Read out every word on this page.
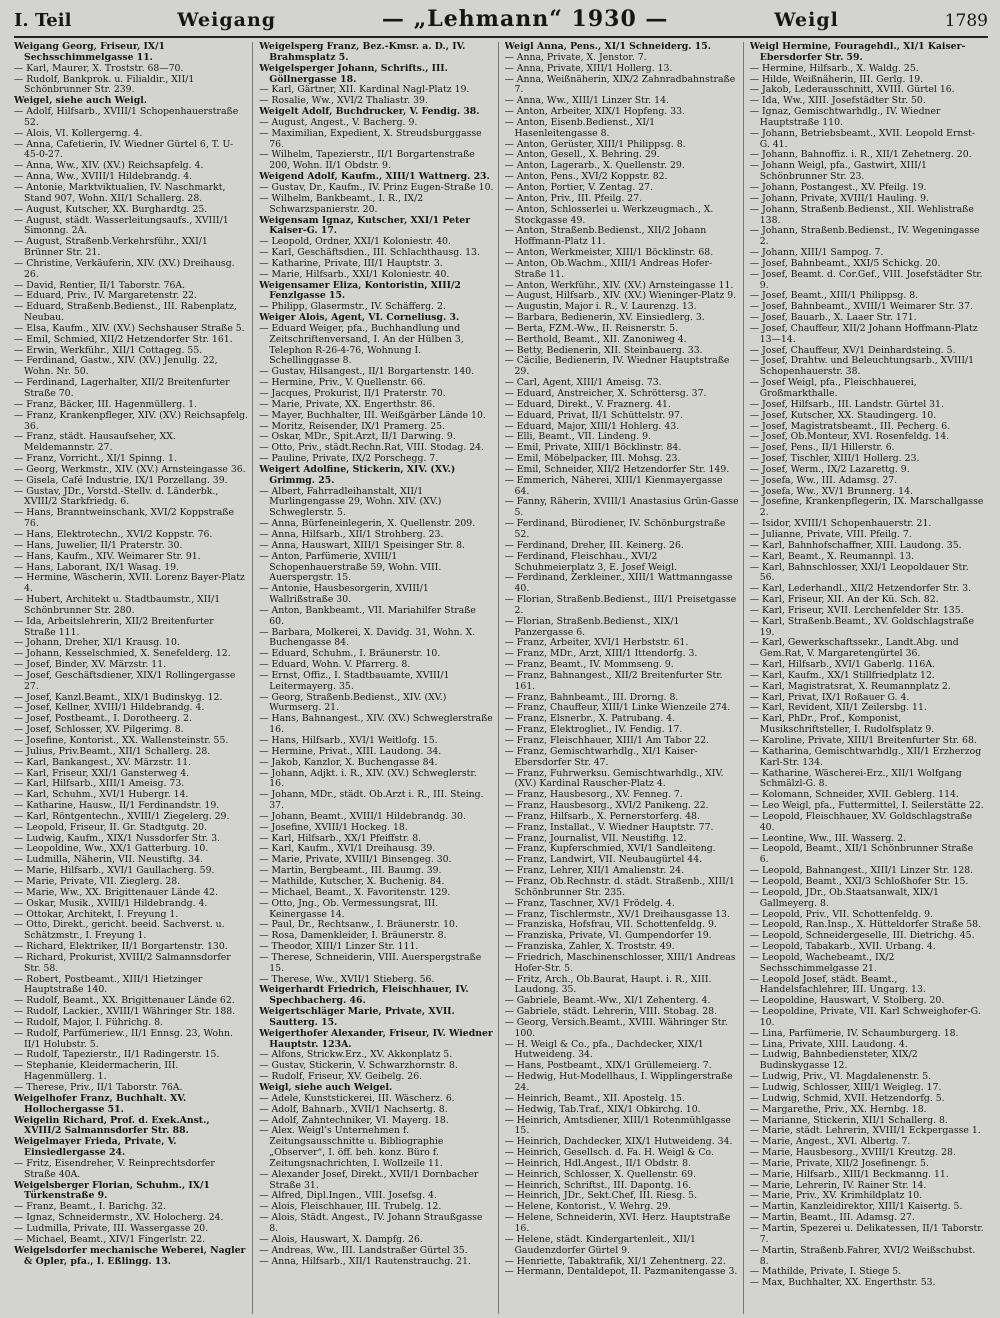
I. Teil	Weigang	— „Lehmann“ 1930 —	Weigl	1789
Weigang Georg, Friseur, IX/1 Sechsschimmelgasse 11.
— Karl, Maurer, X. Troststr. 68—70.
— Rudolf, Bankprok. u. Filialdir., XII/1 Schönbrunner Str. 239.
Weigel, siehe auch Weigl.
— Adolf, Hilfsarb., XVIII/1 Schopenhauerstraße 52.
— Alois, VI. Kollergerng. 4.
— Anna, Cafetierin, IV. Wiedner Gürtel 6, T. U-45-0-27.
— Anna, Ww., XIV. (XV.) Reichsapfelg. 4.
— Anna, Ww., XVIII/1 Hildebrandg. 4.
— Antonie, Marktviktualien, IV. Naschmarkt, Stand 907, Wohn. XII/1 Schallerg. 28.
— August, Kutscher, XX. Burghardtg. 25.
— August, städt. Wasserleitungsaufs., XVIII/1 Simonng. 2A.
— August, Straßenb.Verkehrsführ., XXI/1 Brünner Str. 21.
— Christine, Verkäuferin, XIV. (XV.) Dreihausg. 26.
— David, Rentier, II/1 Taborstr. 76A.
— Eduard, Priv., IV. Margaretenstr. 22.
— Eduard, Straßenb.Bedienst., III. Rabenplatz, Neubau.
— Elsa, Kaufm., XIV. (XV.) Sechshauser Straße 5.
— Emil, Schmied, XII/2 Hetzendorfer Str. 161.
— Erwin, Werkführ., XII/1 Cottageg. 55.
— Ferdinand, Gastw., XIV. (XV.) Jenullg. 22, Wohn. Nr. 50.
— Ferdinand, Lagerhalter, XII/2 Breitenfurter Straße 70.
— Franz, Bäcker, III. Hagenmüllerg. 1.
— Franz, Krankenpfleger, XIV. (XV.) Reichsapfelg. 36.
— Franz, städt. Hausaufseher, XX. Meldemannstr. 27.
— Franz, Vorricht., XI/1 Spinng. 1.
— Georg, Werkmstr., XIV. (XV.) Arnsteingasse 36.
— Gisela, Café Industrie, IX/1 Porzellang. 39.
— Gustav, JDr., Vorstd.-Stellv. d. Länderbk., XVIII/2 Starkfriedg. 6.
— Hans, Branntweinschank, XVI/2 Koppstraße 76.
— Hans, Elektrotechn., XVI/2 Koppstr. 76.
— Hans, Juwelier, II/1 Praterstr. 30.
— Hans, Kaufm., XIV. Weimarer Str. 91.
— Hans, Laborant, IX/1 Wasag. 19.
— Hermine, Wäscherin, XVII. Lorenz Bayer-Platz 4.
— Hubert, Architekt u. Stadtbaumstr., XII/1 Schönbrunner Str. 280.
— Ida, Arbeitslehrerin, XII/2 Breitenfurter Straße 111.
— Johann, Dreher, XI/1 Krausg. 10.
— Johann, Kesselschmied, X. Senefelderg. 12.
— Josef, Binder, XV. Märzstr. 11.
— Josef, Geschäftsdiener, XIX/1 Rollingergasse 27.
— Josef, Kanzl.Beamt., XIX/1 Budinskyg. 12.
— Josef, Kellner, XVIII/1 Hildebrandg. 4.
— Josef, Postbeamt., I. Dorotheerg. 2.
— Josef, Schlosser, XV. Pilgerimg. 8.
— Josefine, Kontorist., XX. Wallensteinstr. 55.
— Julius, Priv.Beamt., XII/1 Schallerg. 28.
— Karl, Bankangest., XV. Märzstr. 11.
— Karl, Friseur, XXI/1 Gansterweg 4.
— Karl, Hilfsarb., XIII/1 Ameisg. 73.
— Karl, Schuhm., XVI/1 Hubergr. 14.
— Katharine, Hausw., II/1 Ferdinandstr. 19.
— Karl, Röntgentechn., XVIII/1 Ziegelerg. 29.
— Leopold, Friseur, II. Gr. Stadtgutg. 20.
— Ludwig, Kaufm., XIX/1 Nussdorfer Str. 3.
— Leopoldine, Ww., XX/1 Gatterburg. 10.
— Ludmilla, Näherin, VII. Neustiftg. 34.
— Marie, Hilfsarb., XVI/1 Gaullacherg. 59.
— Marie, Private, VII. Zieglerg. 28.
— Marie, Ww., XX. Brigittenauer Lände 42.
— Oskar, Musik., XVIII/1 Hildebrandg. 4.
— Ottokar, Architekt, I. Freyung 1.
— Otto, Direkt., gericht. beeid. Sachverst. u. Schätzmstr., I. Freyung 1.
— Richard, Elektriker, II/1 Borgartenstr. 130.
— Richard, Prokurist, XVIII/2 Salmannsdorfer Str. 58.
— Robert, Postbeamt., XIII/1 Hietzinger Hauptstraße 140.
— Rudolf, Beamt., XX. Brigittenauer Lände 62.
— Rudolf, Lackier., XVIII/1 Währinger Str. 188.
— Rudolf, Major, I. Führichg. 8.
— Rudolf, Parfümeriew., II/1 Ennsg. 23, Wohn. II/1 Holubstr. 5.
— Rudolf, Tapezierstr., II/1 Radingerstr. 15.
— Stephanie, Kleidermacherin, III. Hagenmüllerg. 1.
— Therese, Priv., II/1 Taborstr. 76A.
Weigelhofer Franz, Buchhalt. XV. Hollochergasse 51.
Weigelin Richard, Prof. d. Exek.Anst., XVIII/2 Salmannsdorfer Str. 88.
Weigelmayer Frieda, Private, V. Einsiedlergasse 24.
— Fritz, Eisendreher, V. Reinprechtsdorfer Straße 40A.
Weigelsberger Florian, Schuhm., IX/1 Türkenstraße 9.
— Franz, Beamt., I. Barichg. 32.
— Ignaz, Schneidermstr., XV. Holocherg. 24.
— Ludmilla, Private, III. Wassergasse 20.
— Michael, Beamt., XIV/1 Fingerlstr. 22.
Weigelsdorfer mechanische Weberei, Nagler & Opler, pfa., I. Eßlingg. 13.
Weigelsperg Franz, Bez.-Kmsr. a. D., IV. Brahmsplatz 5.
Weigelsperger Johann, Schrifts., III. Göllnergasse 18.
— Karl, Gärtner, XII. Kardinal Nagl-Platz 19.
— Rosalie, Ww., XVI/2 Thaliastr. 39.
Weigelt Adolf, Buchdrucker, V. Fendig. 38.
— August, Angest., V. Bacherg. 9.
— Maximilian, Expedient, X. Streudsburggasse 76.
— Wilhelm, Tapezierstr., II/1 Borgartenstraße 200, Wohn. II/1 Obdstr. 9.
Weigend Adolf, Kaufm., XIII/1 Wattnerg. 23.
— Gustav, Dr., Kaufm., IV. Prinz Eugen-Straße 10.
— Wilhelm, Bankbeamt., I. R., IX/2 Schwarzspanierstr. 20.
Weigensam Ignaz, Kutscher, XXI/1 Peter Kaiser-G. 17.
— Leopold, Ordner, XXI/1 Koloniestr. 40.
— Karl, Geschäftsdien., III. Schlachthausg. 13.
— Katharine, Private, III/1 Hauptstr. 3.
— Marie, Hilfsarb., XXI/1 Koloniestr. 40.
Weigensamer Eliza, Kontoristin, XIII/2 Fenzlgasse 15.
— Philipp, Glasermstr., IV. Schäfferg. 2.
Weiger Alois, Agent, VI. Corneliusg. 3.
— Eduard Weiger, pfa., Buchhandlung und Zeitschriftenversand, I. An der Hülben 3, Telephon R-26-4-76, Wohnung I. Schellinggasse 8.
— Gustav, Hilsangest., II/1 Borgartenstr. 140.
— Hermine, Priv., V. Quellenstr. 66.
— Jacques, Prokurist, II/1 Praterstr. 70.
— Marie, Private, XX. Engerthstr. 86.
— Mayer, Buchhalter, III. Weißgärber Lände 10.
— Moritz, Reisender, IX/1 Pramerg. 25.
— Oskar, MDr., Spit.Arzt, II/1 Darwing. 9.
— Otto, Priv., städt.Rechn.Rat, VIII. Stodag. 24.
— Pauline, Private, IX/2 Porschegg. 7.
Weigert Adolfine, Stickerin, XIV. (XV.) Grimmg. 25.
— Albert, Fahrradleihanstalt, XII/1 Murlingengasse 29, Wohn. XIV. (XV.) Schweglerstr. 5.
— Anna, Bürfeneinlegerin, X. Quellenstr. 209.
— Anna, Hilfsarb., XII/1 Strohberg. 23.
— Anna, Hauswart, XIII/1 Speisinger Str. 8.
— Anton, Parfümerie, XVIII/1 Schopenhauerstraße 59, Wohn. VIII. Auerspergstr. 15.
— Antonie, Hausbesorgerin, XVIII/1 Wallrißstraße 30.
— Anton, Bankbeamt., VII. Mariahilfer Straße 60.
— Barbara, Molkerei, X. Davidg. 31, Wohn. X. Buchengasse 84.
— Eduard, Schuhm., I. Bräunerstr. 10.
— Eduard, Wohn. V. Pfarrerg. 8.
— Ernst, Offiz., I. Stadtbauamte, XVIII/1 Leitermayerg. 35.
— Georg, Straßenb.Bedienst., XIV. (XV.) Wurmserg. 21.
— Hans, Bahnangest., XIV. (XV.) Schweglerstraße 16.
— Hans, Hilfsarb., XVI/1 Weitlofg. 15.
— Hermine, Privat., XIII. Laudong. 34.
— Jakob, Kanzlor, X. Buchengasse 84.
— Johann, Adjkt. i. R., XIV. (XV.) Schweglerstr. 16.
— Johann, MDr., städt. Ob.Arzt i. R., III. Steing. 37.
— Johann, Beamt., XVIII/1 Hildebrandg. 30.
— Josefine, XVIII/1 Hockeg. 18.
— Karl, Hilfsarb., XX/1 Pfeiffstr. 8.
— Karl, Kaufm., XVI/1 Dreihausg. 39.
— Marie, Private, XVIII/1 Binsengeg. 30.
— Martin, Bergbeamt., III. Baumg. 39.
— Mathilde, Kutscher, X. Buchenig. 84.
— Michael, Beamt., X. Favoritenstr. 129.
— Otto, Jng., Ob. Vermessungsrat, III. Keinergasse 14.
— Paul, Dr., Rechtsanw., I. Bräunerstr. 10.
— Rosa, Damenkleider, I. Bräunerstr. 8.
— Theodor, XIII/1 Linzer Str. 111.
— Therese, Schneiderin, VIII. Auerspergstraße 15.
— Therese, Ww., XVII/1 Stieberg. 56.
Weigerhardt Friedrich, Fleischhauer, IV. Spechbacherg. 46.
Weigertschläger Marie, Private, XVII. Sautterg. 15.
Weigerthofer Alexander, Friseur, IV. Wiedner Hauptstr. 123A.
— Alfons, Strickw.Erz., XV. Akkonplatz 5.
— Gustav, Stickerin, V. Schwarzhornstr. 8.
— Rudolf, Friseur, XV. Geibelg. 26.
Weigl, siehe auch Weigel.
— Adele, Kunststickerei, III. Wäscherz. 6.
— Adolf, Bahnarb., XVII/1 Nachsertg. 8.
— Adolf, Zahntechniker, VI. Mayerg. 18.
— Alex. Weigl’s Unternehmen f. Zeitungsausschnitte u. Bibliographie „Observer“, I. öff. beh. konz. Büro f. Zeitungsnachrichten, I. Wollzeile 11.
— Alexander Josef, Direkt., XVII/1 Dornbacher Straße 31.
— Alfred, Dipl.Ingen., VIII. Josefsg. 4.
— Alois, Fleischhauer, III. Trubelg. 12.
— Alois, Städt. Angest., IV. Johann Straußgasse 8.
— Alois, Hauswart, X. Dampfg. 26.
— Andreas, Ww., III. Landstraßer Gürtel 35.
— Anna, Hilfsarb., XII/1 Rautenstrauchg. 21.
Weigl Anna, Pens., XI/1 Schneiderg. 15.
— Anna, Private, X. Jenstor. 7.
— Anna, Private, XIII/1 Hollerg. 13.
— Anna, Weißnäherin, XIX/2 Zahnradbahnstraße 7.
— Anna, Ww., XIII/1 Linzer Str. 14.
— Anton, Arbeiter, XIX/1 Hopfeng. 33.
— Anton, Eisenb.Bedienst., XI/1 Hasenleitengasse 8.
— Anton, Gerüster, XIII/1 Philippsg. 8.
— Anton, Gesell., X. Behring. 29.
— Anton, Lagerarb., X. Quellenstr. 29.
— Anton, Pens., XVI/2 Koppstr. 82.
— Anton, Portier, V. Zentag. 27.
— Anton, Priv., III. Pfeilg. 27.
— Anton, Schlosserlei u. Werkzeugmach., X. Stockgasse 49.
— Anton, Straßenb.Bedienst., XII/2 Johann Hoffmann-Platz 11.
— Anton, Werkmeister, XIII/1 Böcklinstr. 68.
— Anton, Ob.Wachm., XIII/1 Andreas Hofer-Straße 11.
— Anton, Werkführ., XIV. (XV.) Arnsteingasse 11.
— August, Hilfsarb., XIV. (XV.) Wieninger-Platz 9.
— Augustin, Major i. R., V. Laurenzg. 13.
— Barbara, Bedienerin, XV. Einsiedlerg. 3.
— Berta, FZM.-Ww., II. Reisnerstr. 5.
— Berthold, Beamt., XII. Zanoniweg 4.
— Betty, Bedienerin, XII. Steinbauerg. 33.
— Cäcilie, Bedienerin, IV. Wiedner Hauptstraße 29.
— Carl, Agent, XIII/1 Ameisg. 73.
— Eduard, Anstreicher, X. Schröttersg. 37.
— Eduard, Direkt., V. Fraznerg. 41.
— Eduard, Privat, II/1 Schüttelstr. 97.
— Eduard, Major, XIII/1 Hohlerg. 43.
— Elli, Beamt., VII. Lindeng. 9.
— Emil, Private, XIII/1 Böcklinstr. 84.
— Emil, Möbelpacker, III. Mohsg. 23.
— Emil, Schneider, XII/2 Hetzendorfer Str. 149.
— Emmerich, Näherei, XIII/1 Kienmayergasse 64.
— Fanny, Räherin, XVIII/1 Anastasius Grün-Gasse 5.
— Ferdinand, Bürodiener, IV. Schönburgstraße 52.
— Ferdinand, Dreher, III. Keinerg. 26.
— Ferdinand, Fleischhau., XVI/2 Schuhmeierplatz 3, E. Josef Weigl.
— Ferdinand, Zerkleiner., XIII/1 Wattmanngasse 40.
— Florian, Straßenb.Bedienst., III/1 Preisetgasse 2.
— Florian, Straßenb.Bedienst., XIX/1 Panzergasse 6.
— Franz, Arbeiter, XVI/1 Herbststr. 61.
— Franz, MDr., Arzt, XIII/1 Ittendorfg. 3.
— Franz, Beamt., IV. Mommseng. 9.
— Franz, Bahnangest., XII/2 Breitenfurter Str. 161.
— Franz, Bahnbeamt., III. Drorng. 8.
— Franz, Chauffeur, XIII/1 Linke Wienzeile 274.
— Franz, Elsnerbr., X. Patrubang. 4.
— Franz, Elektrogliet., IV. Fendig. 17.
— Franz, Fleischhauer, XIII/1 Am Tabor 22.
— Franz, Gemischtwarhdlg., XI/1 Kaiser-Ebersdorfer Str. 47.
— Franz, Fuhrwerksu. Gemischtwarhdlg., XIV. (XV.) Kardinal Rauscher-Platz 4.
— Franz, Hausbesorg., XV. Fenneg. 7.
— Franz, Hausbesorg., XVI/2 Panikeng. 22.
— Franz, Hilfsarb., X. Pernerstorferg. 48.
— Franz, Installat., V. Wiedner Hauptstr. 77.
— Franz, Journalist, VII. Neustiftg. 12.
— Franz, Kupferschmied, XVI/1 Sandleiteng.
— Franz, Landwirt, VII. Neubaugürtel 44.
— Franz, Lehrer, XII/1 Amalienstr. 24.
— Franz, Ob.Rechnstr. d. städt. Straßenb., XIII/1 Schönbrunner Str. 235.
— Franz, Taschner, XV/1 Frödelg. 4.
— Franz, Tischlermstr., XV/1 Dreihausgasse 13.
— Franziska, Hofsfrau, VII. Schottenfeldg. 9.
— Franziska, Private, VI. Gumpendorfer 19.
— Franziska, Zahler, X. Troststr. 49.
— Friedrich, Maschinenschlosser, XIII/1 Andreas Hofer-Str. 5.
— Fritz, Arch., Ob.Baurat, Haupt. i. R., XIII. Laudong. 35.
— Gabriele, Beamt.-Ww., XI/1 Zehenterg. 4.
— Gabriele, städt. Lehrerin, VIII. Stobag. 28.
— Georg, Versich.Beamt., XVIII. Währinger Str. 100.
— H. Weigl & Co., pfa., Dachdecker, XIX/1 Hutweideng. 34.
— Hans, Postbeamt., XIX/1 Grüllemeierg. 7.
— Hedwig, Hut-Modellhaus, I. Wipplingerstraße 24.
— Heinrich, Beamt., XII. Apostelg. 15.
— Hedwig, Tab.Traf., XIX/1 Obkirchg. 10.
— Heinrich, Amtsdiener, XIII/1 Rotenmühlgasse 15.
— Heinrich, Dachdecker, XIX/1 Hutweideng. 34.
— Heinrich, Gesellsch. d. Fa. H. Weigl & Co.
— Heinrich, Hdl.Angest., II/1 Obdstr. 8.
— Heinrich, Schlosser, X. Quellenstr. 69.
— Heinrich, Schriftst., III. Dapontg. 16.
— Heinrich, JDr., Sekt.Chef, III. Riesg. 5.
— Helene, Kontorist., V. Wehrg. 29.
— Helene, Schneiderin, XVI. Herz. Hauptstraße 16.
— Helene, städt. Kindergartenleit., XII/1 Gaudenzdorfer Gürtel 9.
— Henriette, Tabaktrafik, XI/1 Zehentnerg. 22.
— Hermann, Dentaldepot, II. Pazmanitengasse 3.
Weigl Hermine, Fouragehdl., XI/1 Kaiser-Ebersdorfer Str. 59.
— Hermine, Hilfsarb., X. Waldg. 25.
— Hilde, Weißnäherin, III. Gerlg. 19.
— Jakob, Lederausschnitt, XVIII. Gürtel 16.
— Ida, Ww., XIII. Josefstädter Str. 50.
— Ignaz, Gemischtwarhdlg., IV. Wiedner Hauptstraße 110.
— Johann, Betriebsbeamt., XVII. Leopold Ernst-G. 41.
— Johann, Bahnoffiz. i. R., XII/1 Zehetnerg. 20.
— Johann Weigl, pfa., Gastwirt, XIII/1 Schönbrunner Str. 23.
— Johann, Postangest., XV. Pfeilg. 19.
— Johann, Private, XVIII/1 Hauling. 9.
— Johann, Straßenb.Bedienst., XII. Wehlistraße 138.
— Johann, Straßenb.Bedienst., IV. Wegeningasse 2.
— Johann, XIII/1 Sampog. 7.
— Josef, Bahnbeamt., XXI/5 Schickg. 20.
— Josef, Beamt. d. Cor.Gef., VIII. Josefstädter Str. 9.
— Josef, Beamt., XIII/1 Philippsg. 8.
— Josef, Bahnbeamt., XVIII/1 Weimarer Str. 37.
— Josef, Bauarb., X. Laaer Str. 171.
— Josef, Chauffeur, XII/2 Johann Hoffmann-Platz 13—14.
— Josef, Chauffeur, XV/1 Deinhardsteing. 5.
— Josef, Drahtw. und Beleuchtungsarb., XVIII/1 Schopenhauerstr. 38.
— Josef Weigl, pfa., Fleischhauerei, Großmarkthalle.
— Josef, Hilfsarb., III. Landstr. Gürtel 31.
— Josef, Kutscher, XX. Staudingerg. 10.
— Josef, Magistratsbeamt., III. Pecherg. 6.
— Josef, Ob.Monteur, XVI. Rosenfeldg. 14.
— Josef, Pens., II/1 Hillerstr. 6.
— Josef, Tischler, XIII/1 Hollerg. 23.
— Josef, Werm., IX/2 Lazarettg. 9.
— Josefa, Ww., III. Adamsg. 27.
— Josefa, Ww., XV/1 Brunnerg. 14.
— Josefine, Krankenpflegerin, IX. Marschallgasse 2.
— Isidor, XVIII/1 Schopenhauerstr. 21.
— Julianne, Private, VIII. Pfeilg. 7.
— Karl, Bahnhofschaffner, XIII. Laudong. 35.
— Karl, Beamt., X. Reumannpl. 13.
— Karl, Bahnschlosser, XXI/1 Leopoldauer Str. 56.
— Karl, Lederhandl., XII/2 Hetzendorfer Str. 3.
— Karl, Friseur, XII. An der Kü. Sch. 82.
— Karl, Friseur, XVII. Lerchenfelder Str. 135.
— Karl, Straßenb.Beamt., XV. Goldschlagstraße 19.
— Karl, Gewerkschaftssekr., Landt.Abg. und Gem.Rat, V. Margaretengürtel 36.
— Karl, Hilfsarb., XVI/1 Gaberlg. 116A.
— Karl, Kaufm., XX/1 Stillfriedplatz 12.
— Karl, Magistratsrat, X. Reumannplatz 2.
— Karl, Privat, IX/1 Roßauer G. 4.
— Karl, Revident, XII/1 Zeilersbg. 11.
— Karl, PhDr., Prof., Komponist, Musikschriftsteller, I. Rudolfsplatz 9.
— Karoline, Private, XIII/1 Breitenfurter Str. 68.
— Katharina, Gemischtwarhdlg., XII/1 Erzherzog Karl-Str. 134.
— Katharine, Wäscherei-Erz., XII/1 Wolfgang Schmälzl-G. 8.
— Kolomann, Schneider, XVII. Geblerg. 114.
— Leo Weigl, pfa., Futtermittel, I. Seilerstätte 22.
— Leopold, Fleischhauer, XV. Goldschlagstraße 40.
— Leontine, Ww., III. Wasserg. 2.
— Leopold, Beamt., XII/1 Schönbrunner Straße 6.
— Leopold, Bahnangest., XIII/1 Linzer Str. 128.
— Leopold, Beamt., XXI/3 Schloßhofer Str. 15.
— Leopold, JDr., Ob.Staatsanwalt, XIX/1 Gallmeyerg. 8.
— Leopold, Priv., VII. Schottenfeldg. 9.
— Leopold, Ran.Insp., X. Hütteldorfer Straße 58.
— Leopold, Schneidergeselle, III. Dietrichg. 45.
— Leopold, Tabakarb., XVII. Urbang. 4.
— Leopold, Wachebeamt., IX/2 Sechsschimmelgasse 21.
— Leopold Josef, städt. Beamt., Handelsfachlehrer, III. Ungarg. 13.
— Leopoldine, Hauswart, V. Stolberg. 20.
— Leopoldine, Private, VII. Karl Schweighofer-G. 10.
— Lina, Parfümerie, IV. Schaumburgerg. 18.
— Lina, Private, XIII. Laudong. 4.
— Ludwig, Bahnbediensteter, XIX/2 Budinskygasse 12.
— Ludwig, Priv., VI. Magdalenenstr. 5.
— Ludwig, Schlosser, XIII/1 Weigleg. 17.
— Ludwig, Schmid, XVII. Hetzendorfg. 5.
— Margarethe, Priv., XX. Hernbg. 18.
— Marianne, Stickerin, XII/1 Schallerg. 8.
— Marie, städt. Lehrerin, XVIII/1 Eckpergasse 1.
— Marie, Angest., XVI. Albertg. 7.
— Marie, Hausbesorg., XVIII/1 Kreutzg. 28.
— Marie, Private, XII/2 Josefinengr. 5.
— Marie, Hilfsarb., XIII/1 Beckmanng. 11.
— Marie, Lehrerin, IV. Rainer Str. 14.
— Marie, Priv., XV. Krimhildplatz 10.
— Martin, Kanzleidirektor, XIII/1 Kaisertg. 5.
— Martin, Beamt., III. Adamsg. 27.
— Martin, Spezerei u. Delikatessen, II/1 Taborstr. 7.
— Martin, Straßenb.Fahrer, XVI/2 Weißschubst. 8.
— Mathilde, Private, I. Stiege 5.
— Max, Buchhalter, XX. Engerthstr. 53.
